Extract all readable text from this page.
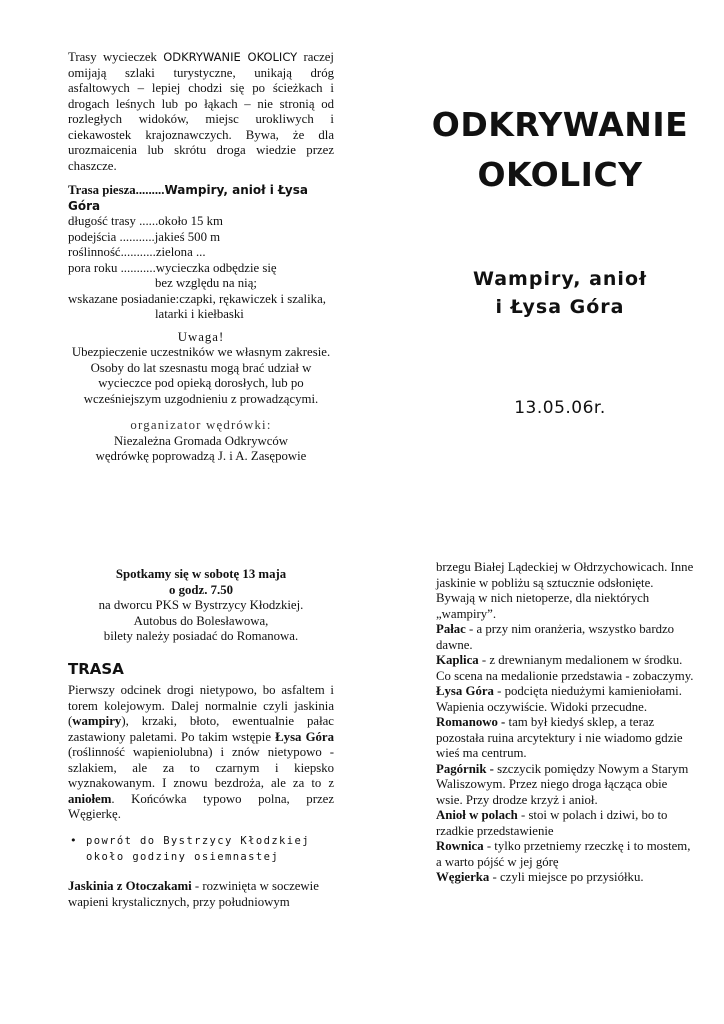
Trasy wycieczek ODKRYWANIE OKOLICY raczej omijają szlaki turystyczne, unikają dróg asfaltowych – lepiej chodzi się po ścieżkach i drogach leśnych lub po łąkach – nie stronią od rozległych widoków, miejsc urokliwych i ciekawostek krajoznawczych. Bywa, że dla urozmaicenia lub skrótu droga wiedzie przez chaszcze.

Trasa piesza.........Wampiry, anioł i Łysa Góra

długość trasy ...... około 15 km
podejścia ........... jakieś 500 m
roślinność........... zielona ...
pora roku ........... wycieczka odbędzie się
bez względu na nią;
wskazane posiadanie: czapki, rękawiczek i szalika,
latarki i kiełbaski

Uwaga!

Ubezpieczenie uczestników we własnym zakresie. Osoby do lat szesnastu mogą brać udział w wycieczce pod opieką dorosłych, lub po wcześniejszym uzgodnieniu z prowadzącymi.

organizator wędrówki:

Niezależna Gromada Odkrywców

wędrówkę poprowadzą J. i A. Zasępowie

ODKRYWANIE
OKOLICY
Wampiry, anioł
i Łysa Góra
13.05.06r.

Spotkamy się w sobotę 13 maja

o godz. 7.50

na dworcu PKS w Bystrzycy Kłodzkiej.

Autobus do Bolesławowa,

bilety należy posiadać do Romanowa.

TRASA

Pierwszy odcinek drogi nietypowo, bo asfaltem i torem kolejowym. Dalej normalnie czyli jaskinia (wampiry), krzaki, błoto, ewentualnie pałac zastawiony paletami. Po takim wstępie Łysa Góra (roślinność wapieniolubna) i znów nietypowo - szlakiem, ale za to czarnym i kiepsko wyznakowanym. I znowu bezdroża, ale za to z aniołem. Końcówka typowo polna, przez Węgierkę.

• powrót do Bystrzycy Kłodzkiej
około godziny osiemnastej

Jaskinia z Otoczakami - rozwinięta w soczewie wapieni krystalicznych, przy południowym

brzegu Białej Lądeckiej w Ołdrzychowicach. Inne jaskinie w pobliżu są sztucznie odsłonięte. Bywają w nich nietoperze, dla niektórych „wampiry”.

Pałac - a przy nim oranżeria, wszystko bardzo dawne.

Kaplica - z drewnianym medalionem w środku. Co scena na medalionie przedstawia - zobaczymy.

Łysa Góra - podcięta niedużymi kamieniołami. Wapienia oczywiście. Widoki przecudne.

Romanowo - tam był kiedyś sklep, a teraz pozostała ruina arcytektury i nie wiadomo gdzie wieś ma centrum.

Pagórnik - szczycik pomiędzy Nowym a Starym Waliszowym. Przez niego droga łącząca obie wsie. Przy drodze krzyż i anioł.

Anioł w polach - stoi w polach i dziwi, bo to rzadkie przedstawienie

Rownica - tylko przetniemy rzeczkę i to mostem, a warto pójść w jej górę

Węgierka - czyli miejsce po przysiółku.
